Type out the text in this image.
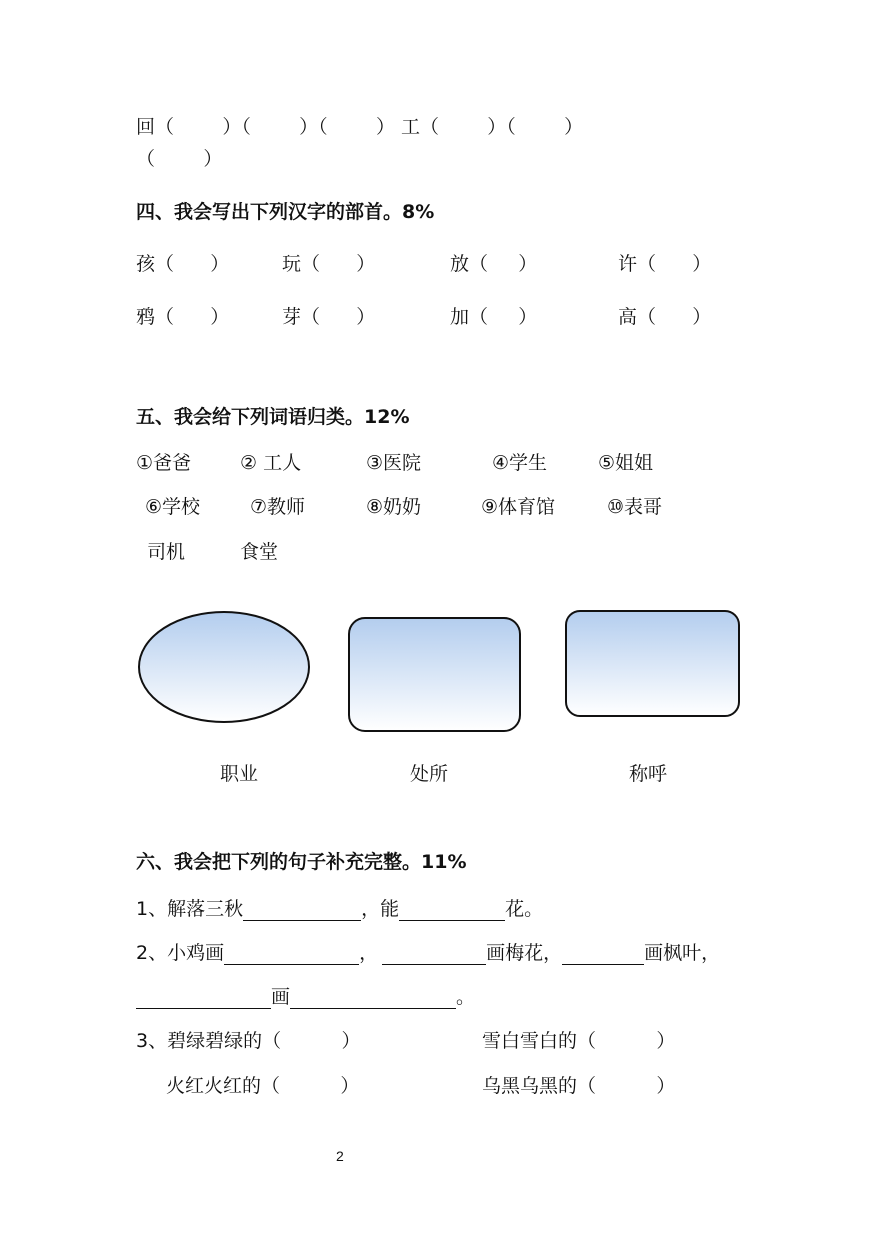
回（        ）（        ）（        ） 工（        ）（        ）
（        ）
四、我会写出下列汉字的部首。8%
孩（      ）	玩（      ）	放（     ）	许（      ）
鸦（      ）	芽（      ）	加（     ）	高（      ）
五、我会给下列词语归类。12%
①爸爸	② 工人	③医院	④学生	⑤姐姐
⑥学校	⑦教师	⑧奶奶	⑨体育馆	⑩表哥
司机	食堂
职业	处所	称呼
六、我会把下列的句子补充完整。11%
1、解落三秋	，能	花。
2、小鸡画	，	画梅花，	画枫叶，
画	。
3、碧绿碧绿的（          ）	雪白雪白的（          ）
火红火红的（          ）	乌黑乌黑的（          ）
2
